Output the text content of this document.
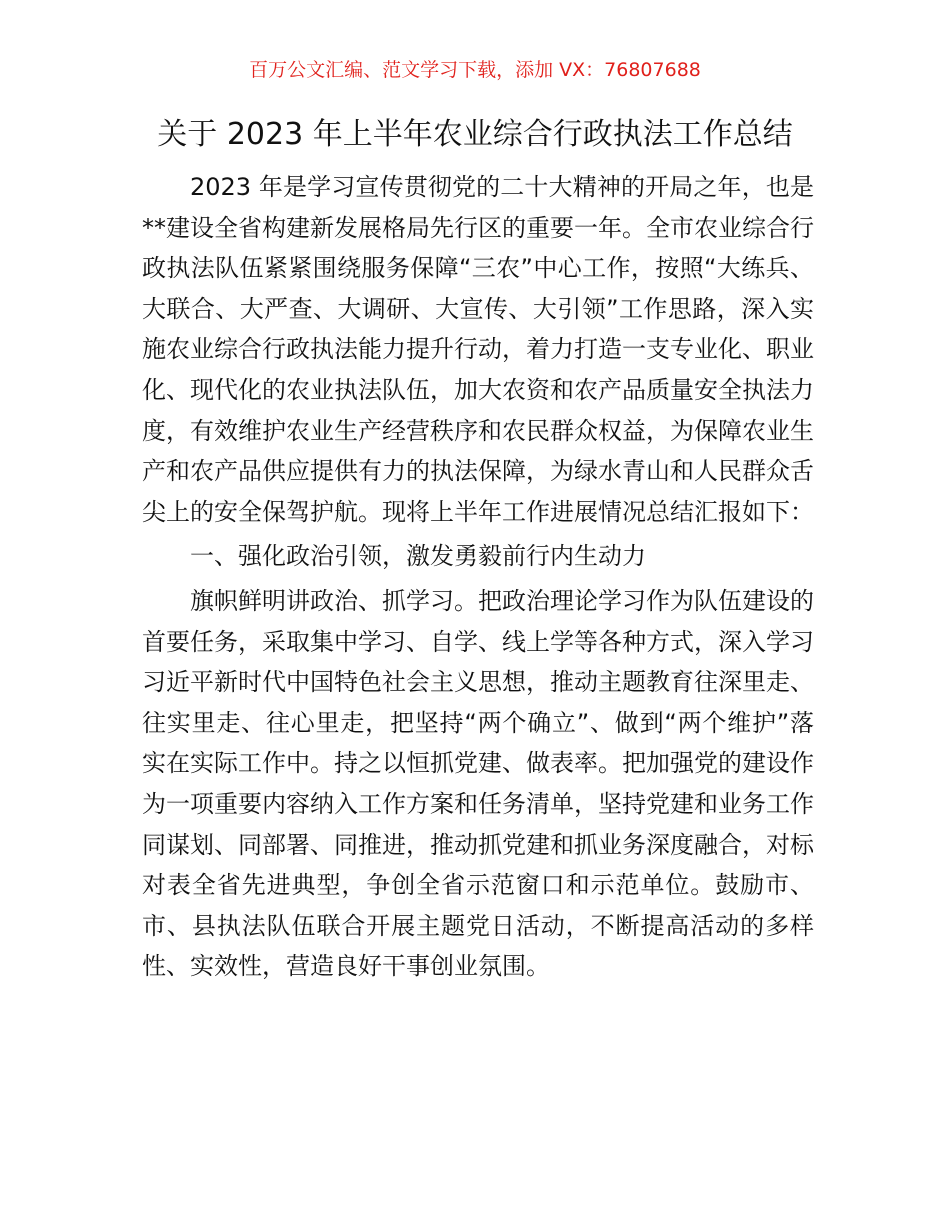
百万公文汇编、范文学习下载，添加 VX：76807688
关于 2023 年上半年农业综合行政执法工作总结

2023 年是学习宣传贯彻党的二十大精神的开局之年，也是**建设全省构建新发展格局先行区的重要一年。全市农业综合行政执法队伍紧紧围绕服务保障“三农”中心工作，按照“大练兵、大联合、大严查、大调研、大宣传、大引领”工作思路，深入实施农业综合行政执法能力提升行动，着力打造一支专业化、职业化、现代化的农业执法队伍，加大农资和农产品质量安全执法力度，有效维护农业生产经营秩序和农民群众权益，为保障农业生产和农产品供应提供有力的执法保障，为绿水青山和人民群众舌尖上的安全保驾护航。现将上半年工作进展情况总结汇报如下：

一、强化政治引领，激发勇毅前行内生动力

旗帜鲜明讲政治、抓学习。把政治理论学习作为队伍建设的首要任务，采取集中学习、自学、线上学等各种方式，深入学习习近平新时代中国特色社会主义思想，推动主题教育往深里走、往实里走、往心里走，把坚持“两个确立”、做到“两个维护”落实在实际工作中。持之以恒抓党建、做表率。把加强党的建设作为一项重要内容纳入工作方案和任务清单，坚持党建和业务工作同谋划、同部署、同推进，推动抓党建和抓业务深度融合，对标对表全省先进典型，争创全省示范窗口和示范单位。鼓励市、市、县执法队伍联合开展主题党日活动，不断提高活动的多样性、实效性，营造良好干事创业氛围。
